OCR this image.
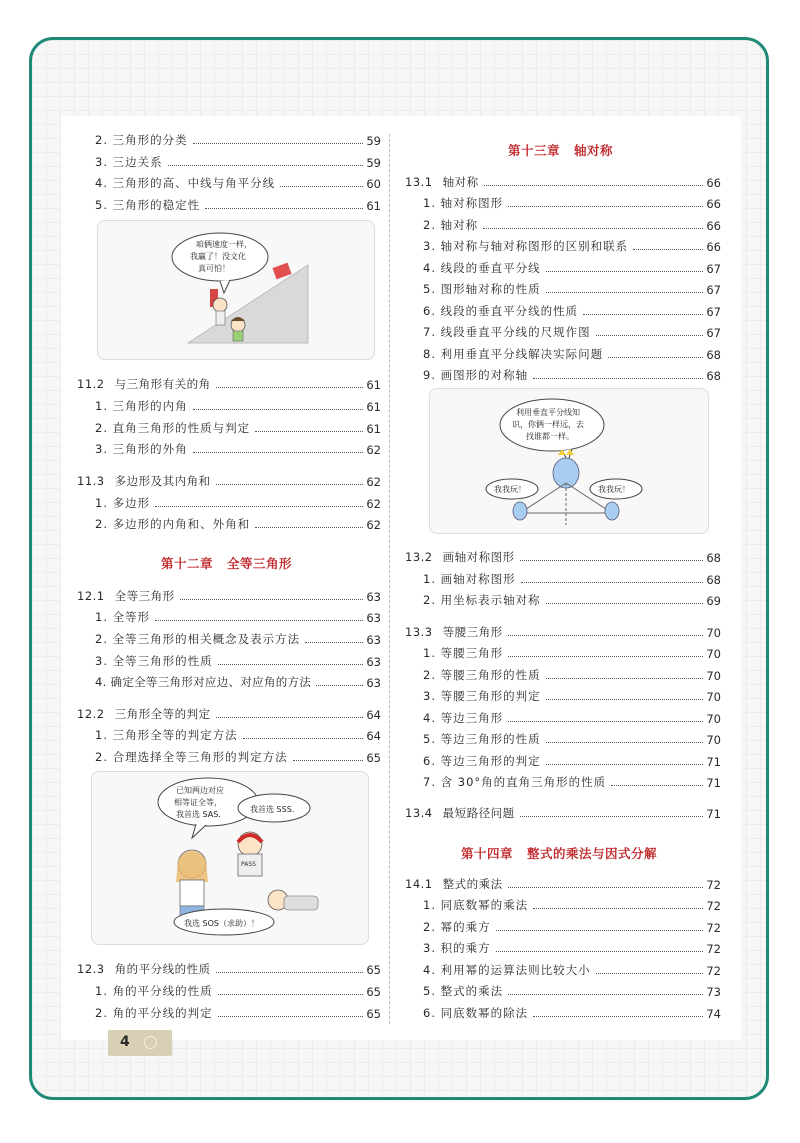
2. 三角形的分类	59
3. 三边关系	59
4. 三角形的高、中线与角平分线	60
5. 三角形的稳定性	61
咱俩速度一样，
我赢了！没文化
真可怕！
11.2 与三角形有关的角	61
1. 三角形的内角	61
2. 直角三角形的性质与判定	61
3. 三角形的外角	62
11.3 多边形及其内角和	62
1. 多边形	62
2. 多边形的内角和、外角和	62
第十二章 全等三角形
12.1 全等三角形	63
1. 全等形	63
2. 全等三角形的相关概念及表示方法	63
3. 全等三角形的性质	63
4. 确定全等三角形对应边、对应角的方法	63
12.2 三角形全等的判定	64
1. 三角形全等的判定方法	64
2. 合理选择全等三角形的判定方法	65
已知两边对应
相等证全等，
我首选 SAS.
我首选 SSS.
PASS
我选 SOS（求助）！
12.3 角的平分线的性质	65
1. 角的平分线的性质	65
2. 角的平分线的判定	65
第十三章 轴对称
13.1 轴对称	66
1. 轴对称图形	66
2. 轴对称	66
3. 轴对称与轴对称图形的区别和联系	66
4. 线段的垂直平分线	67
5. 图形轴对称的性质	67
6. 线段的垂直平分线的性质	67
7. 线段垂直平分线的尺规作图	67
8. 利用垂直平分线解决实际问题	68
9. 画图形的对称轴	68
利用垂直平分线知
识，你俩一样远，去
找谁都一样。
我我玩！	我我玩！
13.2 画轴对称图形	68
1. 画轴对称图形	68
2. 用坐标表示轴对称	69
13.3 等腰三角形	70
1. 等腰三角形	70
2. 等腰三角形的性质	70
3. 等腰三角形的判定	70
4. 等边三角形	70
5. 等边三角形的性质	70
6. 等边三角形的判定	71
7. 含 30°角的直角三角形的性质	71
13.4 最短路径问题	71
第十四章 整式的乘法与因式分解
14.1 整式的乘法	72
1. 同底数幂的乘法	72
2. 幂的乘方	72
3. 积的乘方	72
4. 利用幂的运算法则比较大小	72
5. 整式的乘法	73
6. 同底数幂的除法	74
4
